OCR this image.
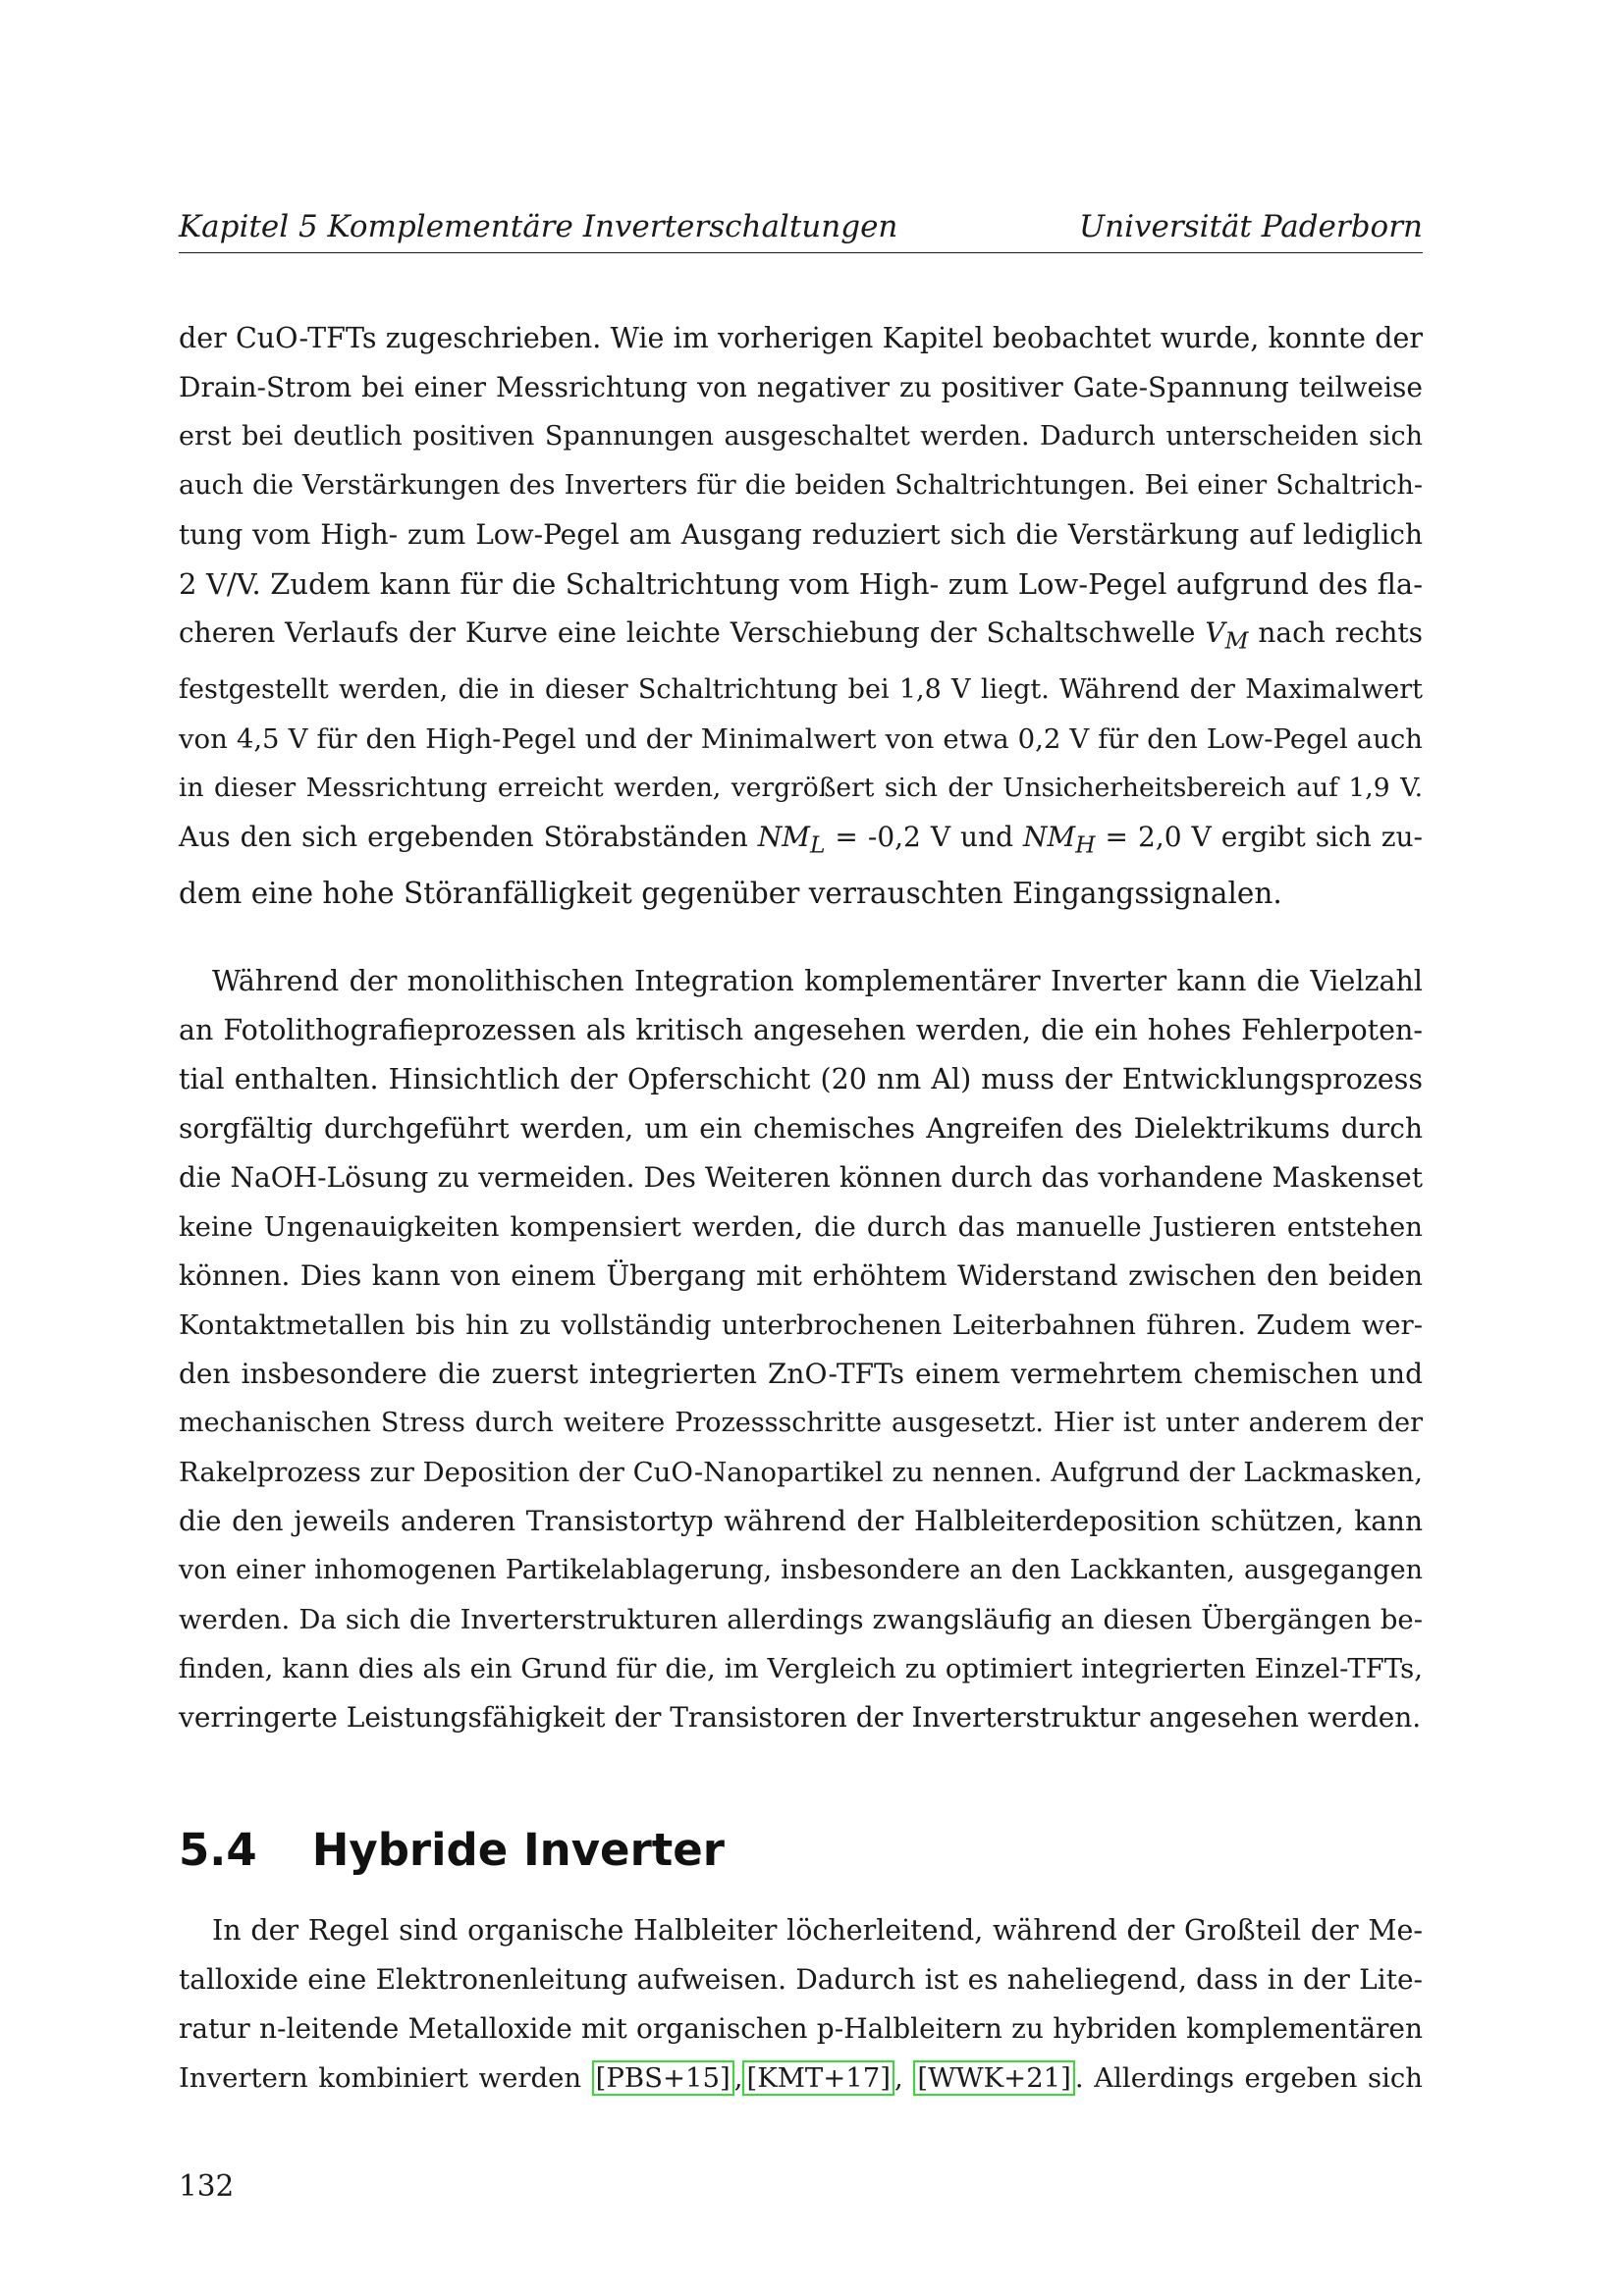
Kapitel 5 Komplementäre Inverterschaltungen	Universität Paderborn
der CuO-TFTs zugeschrieben. Wie im vorherigen Kapitel beobachtet wurde, konnte der
Drain-Strom bei einer Messrichtung von negativer zu positiver Gate-Spannung teilweise
erst bei deutlich positiven Spannungen ausgeschaltet werden. Dadurch unterscheiden sich
auch die Verstärkungen des Inverters für die beiden Schaltrichtungen. Bei einer Schaltrich-
tung vom High- zum Low-Pegel am Ausgang reduziert sich die Verstärkung auf lediglich
2 V/V. Zudem kann für die Schaltrichtung vom High- zum Low-Pegel aufgrund des fla-
cheren Verlaufs der Kurve eine leichte Verschiebung der Schaltschwelle $V_M$ nach rechts
festgestellt werden, die in dieser Schaltrichtung bei 1,8 V liegt. Während der Maximalwert
von 4,5 V für den High-Pegel und der Minimalwert von etwa 0,2 V für den Low-Pegel auch
in dieser Messrichtung erreicht werden, vergrößert sich der Unsicherheitsbereich auf 1,9 V.
Aus den sich ergebenden Störabständen $NM_L = -0,2$ V und $NM_H = 2,0$ V ergibt sich zu-
dem eine hohe Störanfälligkeit gegenüber verrauschten Eingangssignalen.
Während der monolithischen Integration komplementärer Inverter kann die Vielzahl
an Fotolithografieprozessen als kritisch angesehen werden, die ein hohes Fehlerpoten-
tial enthalten. Hinsichtlich der Opferschicht (20 nm Al) muss der Entwicklungsprozess
sorgfältig durchgeführt werden, um ein chemisches Angreifen des Dielektrikums durch
die NaOH-Lösung zu vermeiden. Des Weiteren können durch das vorhandene Maskenset
keine Ungenauigkeiten kompensiert werden, die durch das manuelle Justieren entstehen
können. Dies kann von einem Übergang mit erhöhtem Widerstand zwischen den beiden
Kontaktmetallen bis hin zu vollständig unterbrochenen Leiterbahnen führen. Zudem wer-
den insbesondere die zuerst integrierten ZnO-TFTs einem vermehrtem chemischen und
mechanischen Stress durch weitere Prozessschritte ausgesetzt. Hier ist unter anderem der
Rakelprozess zur Deposition der CuO-Nanopartikel zu nennen. Aufgrund der Lackmasken,
die den jeweils anderen Transistortyp während der Halbleiterdeposition schützen, kann
von einer inhomogenen Partikelablagerung, insbesondere an den Lackkanten, ausgegangen
werden. Da sich die Inverterstrukturen allerdings zwangsläufig an diesen Übergängen be-
finden, kann dies als ein Grund für die, im Vergleich zu optimiert integrierten Einzel-TFTs,
verringerte Leistungsfähigkeit der Transistoren der Inverterstruktur angesehen werden.
5.4 Hybride Inverter
In der Regel sind organische Halbleiter löcherleitend, während der Großteil der Me-
talloxide eine Elektronenleitung aufweisen. Dadurch ist es naheliegend, dass in der Lite-
ratur n-leitende Metalloxide mit organischen p-Halbleitern zu hybriden komplementären
Invertern kombiniert werden [PBS+15] , [KMT+17] , [WWK+21] . Allerdings ergeben sich
132
